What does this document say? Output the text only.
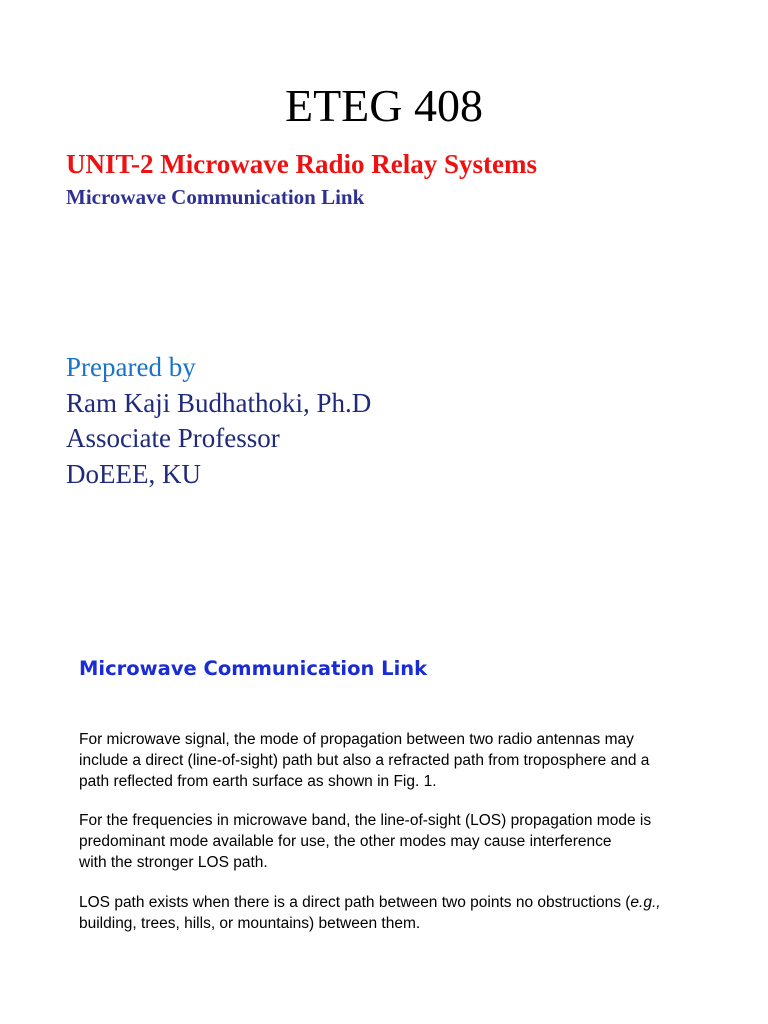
ETEG 408
UNIT-2 Microwave Radio Relay Systems
Microwave Communication Link
Prepared by
Ram Kaji Budhathoki, Ph.D
Associate Professor
DoEEE, KU
Microwave Communication Link

For microwave signal, the mode of propagation between two radio antennas may

include a direct (line-of-sight) path but also a refracted path from troposphere and a

path reflected from earth surface as shown in Fig. 1.

For the frequencies in microwave band, the line-of-sight (LOS) propagation mode is

predominant mode available for use, the other modes may cause interference

with the stronger LOS path.

LOS path exists when there is a direct path between two points no obstructions (e.g.,

building, trees, hills, or mountains) between them.
